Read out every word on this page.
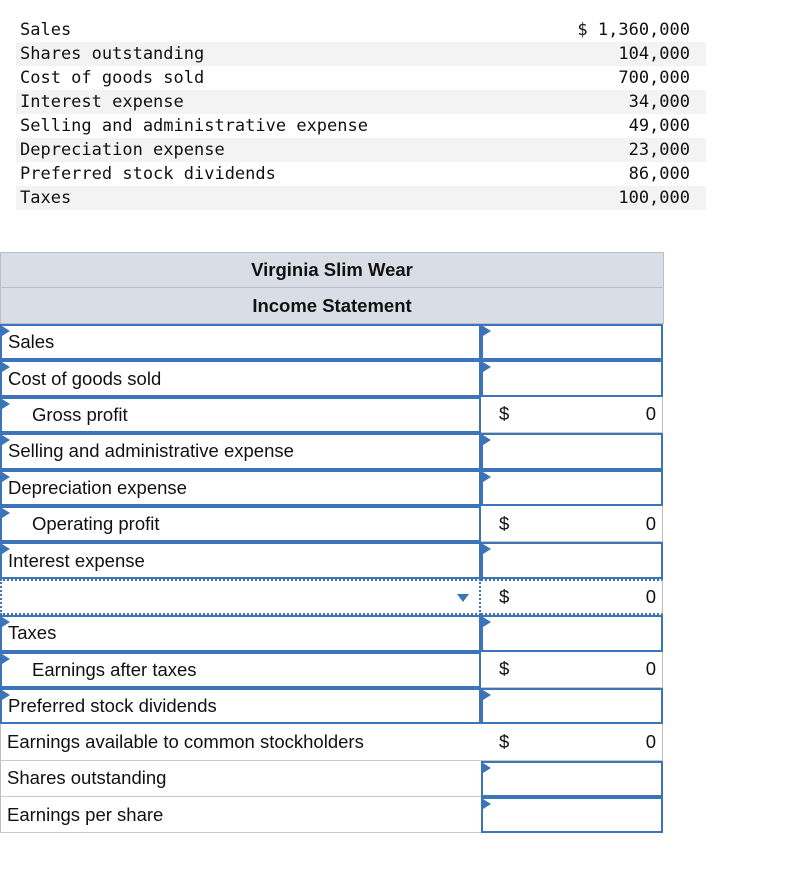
Sales	$ 1,360,000
Shares outstanding	104,000
Cost of goods sold	700,000
Interest expense	34,000
Selling and administrative expense	49,000
Depreciation expense	23,000
Preferred stock dividends	86,000
Taxes	100,000
Virginia Slim Wear
Income Statement
Sales
Cost of goods sold
Gross profit	$	0
Selling and administrative expense
Depreciation expense
Operating profit	$	0
Interest expense
$	0
Taxes
Earnings after taxes	$	0
Preferred stock dividends
Earnings available to common stockholders	$	0
Shares outstanding
Earnings per share
